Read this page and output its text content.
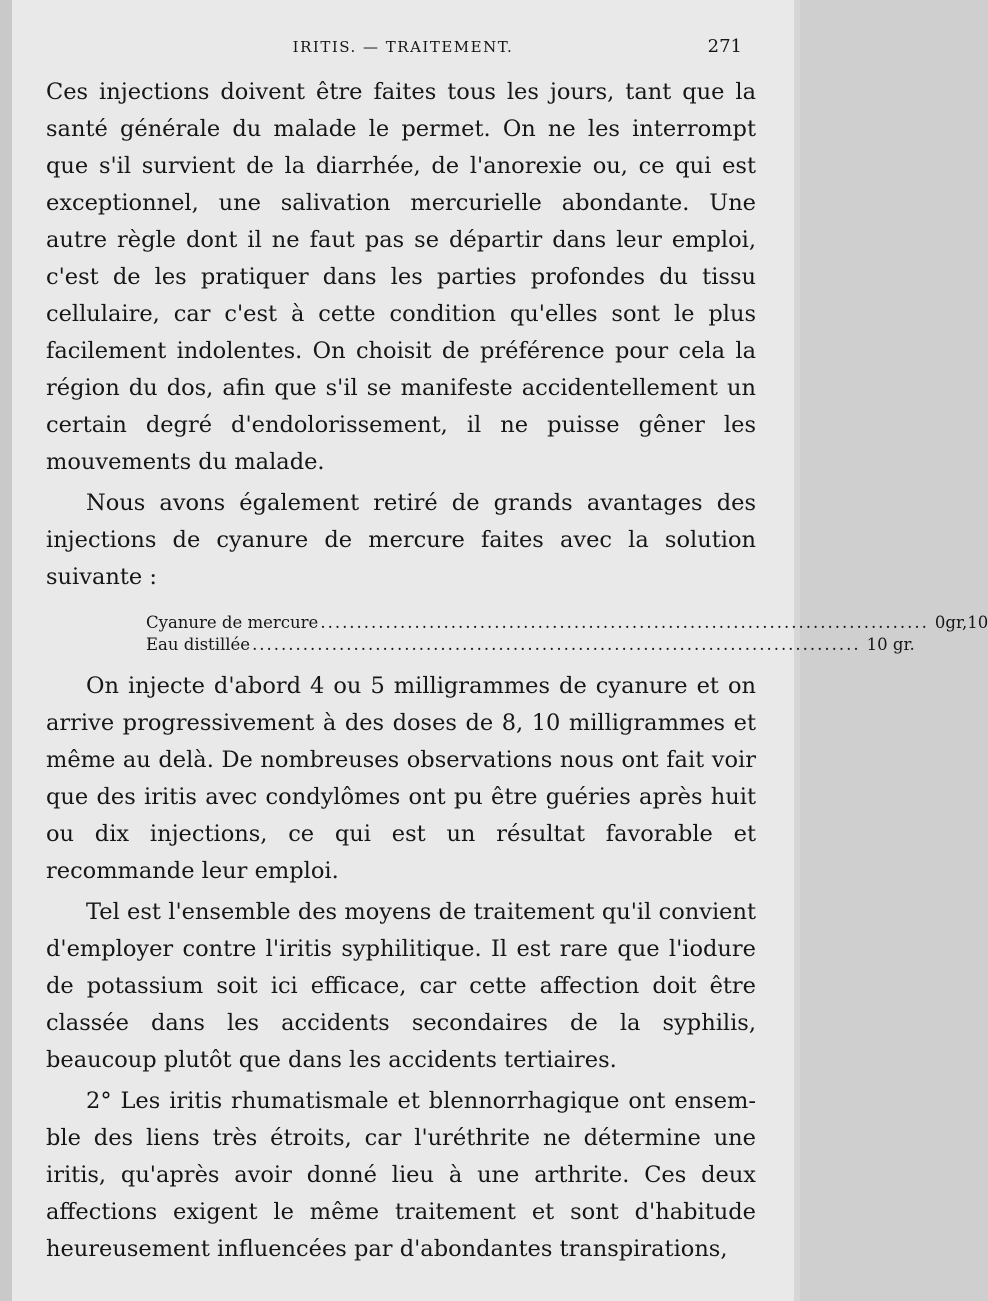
IRITIS. — TRAITEMENT.	271

Ces injections doivent être faites tous les jours, tant que la santé générale du malade le permet. On ne les interrompt que s'il survient de la diarrhée, de l'anorexie ou, ce qui est exceptionnel, une salivation mercurielle abondante. Une autre règle dont il ne faut pas se départir dans leur emploi, c'est de les pratiquer dans les parties profondes du tissu cellulaire, car c'est à cette condition qu'elles sont le plus facilement indolentes. On choisit de préférence pour cela la région du dos, afin que s'il se manifeste accidentellement un certain degré d'endolorissement, il ne puisse gêner les mouvements du malade.

Nous avons également retiré de grands avantages des injections de cyanure de mercure faites avec la solution suivante :

Cyanure de mercure .................................................................................... 0gr,10
Eau distillée .................................................................................... 10 gr.

On injecte d'abord 4 ou 5 milligrammes de cyanure et on arrive progressivement à des doses de 8, 10 milligrammes et même au delà. De nombreuses observations nous ont fait voir que des iritis avec condylômes ont pu être guéries après huit ou dix injections, ce qui est un résultat favorable et recommande leur emploi.

Tel est l'ensemble des moyens de traitement qu'il convient d'employer contre l'iritis syphilitique. Il est rare que l'iodure de potassium soit ici efficace, car cette affection doit être classée dans les accidents secondaires de la syphilis, beaucoup plutôt que dans les accidents tertiaires.

2° Les iritis rhumatismale et blennorrhagique ont ensemble des liens très étroits, car l'uréthrite ne détermine une iritis, qu'après avoir donné lieu à une arthrite. Ces deux affections exigent le même traitement et sont d'habitude heureusement influencées par d'abondantes transpirations,
